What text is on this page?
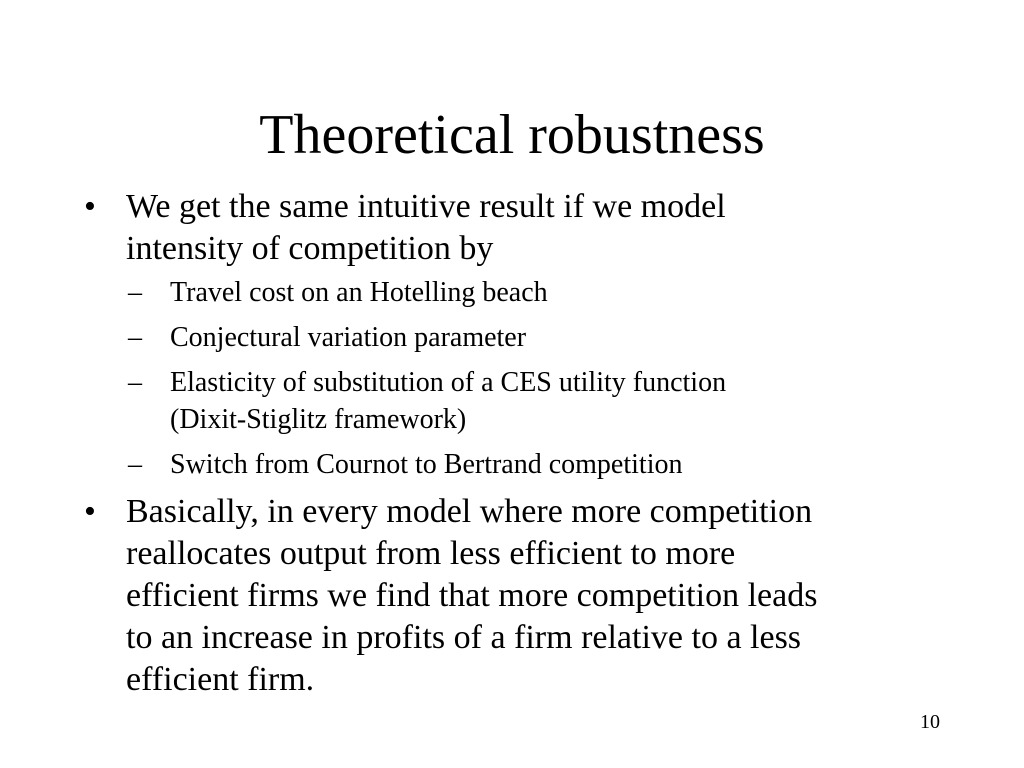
Theoretical robustness
• We get the same intuitive result if we model
intensity of competition by
– Travel cost on an Hotelling beach
– Conjectural variation parameter
– Elasticity of substitution of a CES utility function
(Dixit-Stiglitz framework)
– Switch from Cournot to Bertrand competition
• Basically, in every model where more competition
reallocates output from less efficient to more
efficient firms we find that more competition leads
to an increase in profits of a firm relative to a less
efficient firm.
10
